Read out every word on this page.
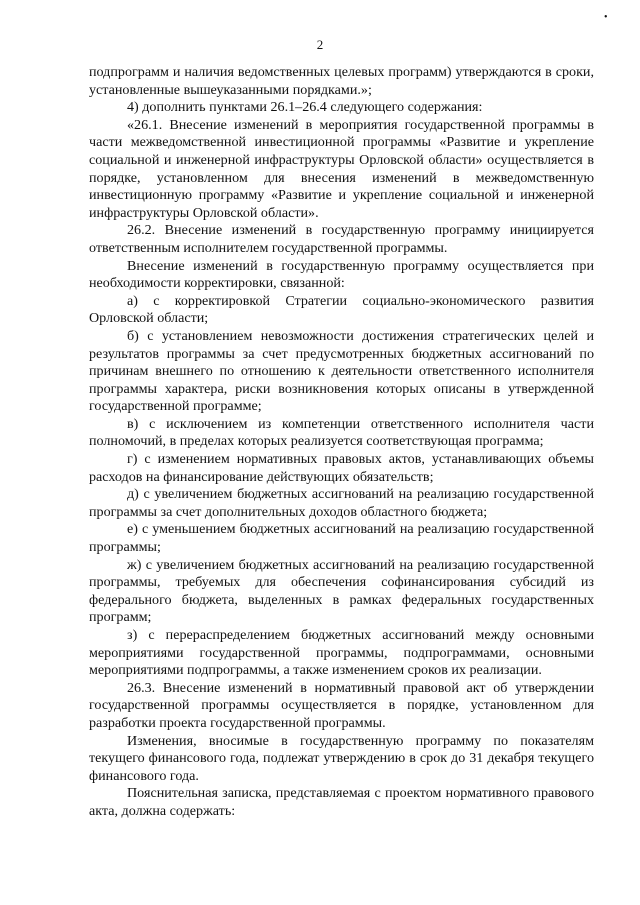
•
2

подпрограмм и наличия ведомственных целевых программ) утверждаются в сроки, установленные вышеуказанными порядками.»;

4) дополнить пунктами 26.1–26.4 следующего содержания:

«26.1. Внесение изменений в мероприятия государственной программы в части межведомственной инвестиционной программы «Развитие и укрепление социальной и инженерной инфраструктуры Орловской области» осуществляется в порядке, установленном для внесения изменений в межведомственную инвестиционную программу «Развитие и укрепление социальной и инженерной инфраструктуры Орловской области».

26.2. Внесение изменений в государственную программу инициируется ответственным исполнителем государственной программы.

Внесение изменений в государственную программу осуществляется при необходимости корректировки, связанной:

а) с корректировкой Стратегии социально-экономического развития Орловской области;

б) с установлением невозможности достижения стратегических целей и результатов программы за счет предусмотренных бюджетных ассигнований по причинам внешнего по отношению к деятельности ответственного исполнителя программы характера, риски возникновения которых описаны в утвержденной государственной программе;

в) с исключением из компетенции ответственного исполнителя части полномочий, в пределах которых реализуется соответствующая программа;

г) с изменением нормативных правовых актов, устанавливающих объемы расходов на финансирование действующих обязательств;

д) с увеличением бюджетных ассигнований на реализацию государственной программы за счет дополнительных доходов областного бюджета;

е) с уменьшением бюджетных ассигнований на реализацию государственной программы;

ж) с увеличением бюджетных ассигнований на реализацию государственной программы, требуемых для обеспечения софинансирования субсидий из федерального бюджета, выделенных в рамках федеральных государственных программ;

з) с перераспределением бюджетных ассигнований между основными мероприятиями государственной программы, подпрограммами, основными мероприятиями подпрограммы, а также изменением сроков их реализации.

26.3. Внесение изменений в нормативный правовой акт об утверждении государственной программы осуществляется в порядке, установленном для разработки проекта государственной программы.

Изменения, вносимые в государственную программу по показателям текущего финансового года, подлежат утверждению в срок до 31 декабря текущего финансового года.

Пояснительная записка, представляемая с проектом нормативного правового акта, должна содержать:
